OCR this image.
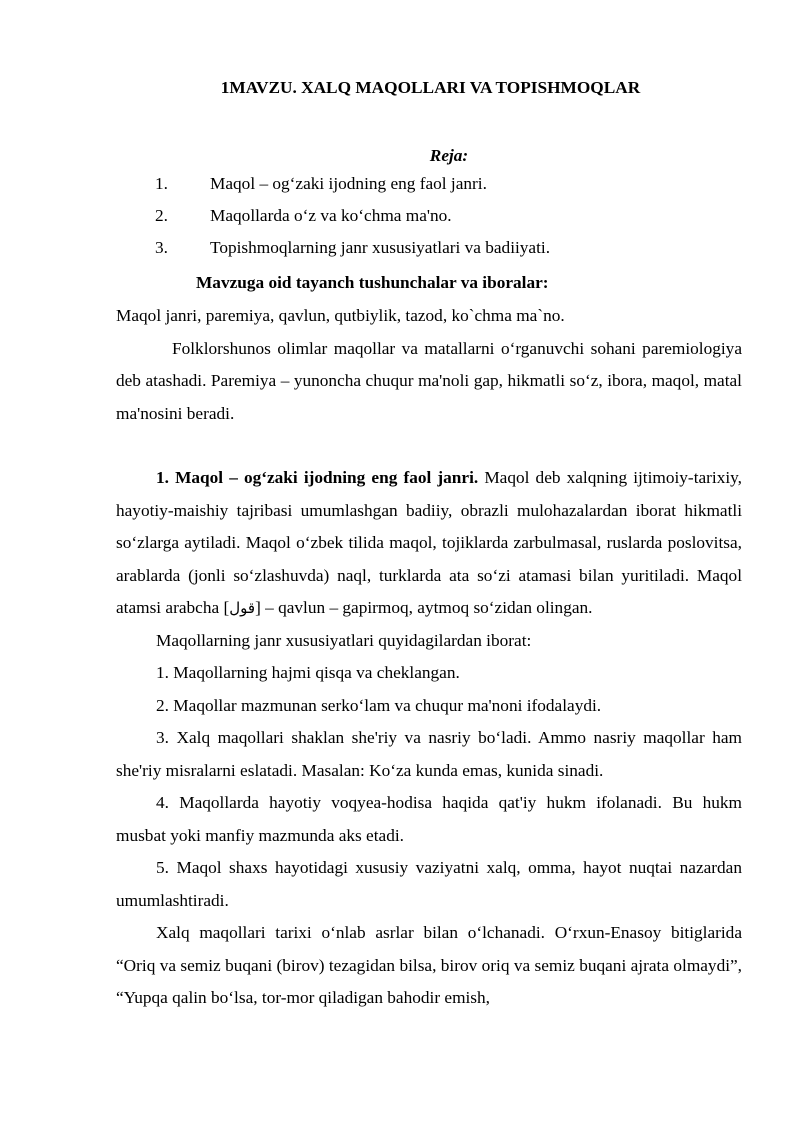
1MAVZU. XALQ MAQOLLARI VA TOPISHMOQLAR
Reja:
1. Maqol – og‘zaki ijodning eng faol janri.
2. Maqollarda o‘z va ko‘chma ma'no.
3. Topishmoqlarning janr xususiyatlari va badiiyati.
Mavzuga oid tayanch tushunchalar va iboralar:

Maqol janri, paremiya, qavlun, qutbiylik, tazod, ko`chma ma`no.

Folklorshunos olimlar maqollar va matallarni o‘rganuvchi sohani paremiologiya deb atashadi. Paremiya – yunoncha chuqur ma'noli gap, hikmatli so‘z, ibora, maqol, matal ma'nosini beradi.

1. Maqol – og‘zaki ijodning eng faol janri. Maqol deb xalqning ijtimoiy-tarixiy, hayotiy-maishiy tajribasi umumlashgan badiiy, obrazli mulohazalardan iborat hikmatli so‘zlarga aytiladi. Maqol o‘zbek tilida maqol, tojiklarda zarbulmasal, ruslarda poslovitsa, arablarda (jonli so‘zlashuvda) naql, turklarda ata so‘zi atamasi bilan yuritiladi. Maqol atamsi arabcha [قول] – qavlun – gapirmoq, aytmoq so‘zidan olingan.

Maqollarning janr xususiyatlari quyidagilardan iborat:

1. Maqollarning hajmi qisqa va cheklangan.

2. Maqollar mazmunan serko‘lam va chuqur ma'noni ifodalaydi.

3. Xalq maqollari shaklan she'riy va nasriy bo‘ladi. Ammo nasriy maqollar ham she'riy misralarni eslatadi. Masalan: Ko‘za kunda emas, kunida sinadi.

4. Maqollarda hayotiy voqyea-hodisa haqida qat'iy hukm ifolanadi. Bu hukm musbat yoki manfiy mazmunda aks etadi.

5. Maqol shaxs hayotidagi xususiy vaziyatni xalq, omma, hayot nuqtai nazardan umumlashtiradi.

Xalq maqollari tarixi o‘nlab asrlar bilan o‘lchanadi. O‘rxun-Enasoy bitiglarida “Oriq va semiz buqani (birov) tezagidan bilsa, birov oriq va semiz buqani ajrata olmaydi”, “Yupqa qalin bo‘lsa, tor-mor qiladigan bahodir emish,
